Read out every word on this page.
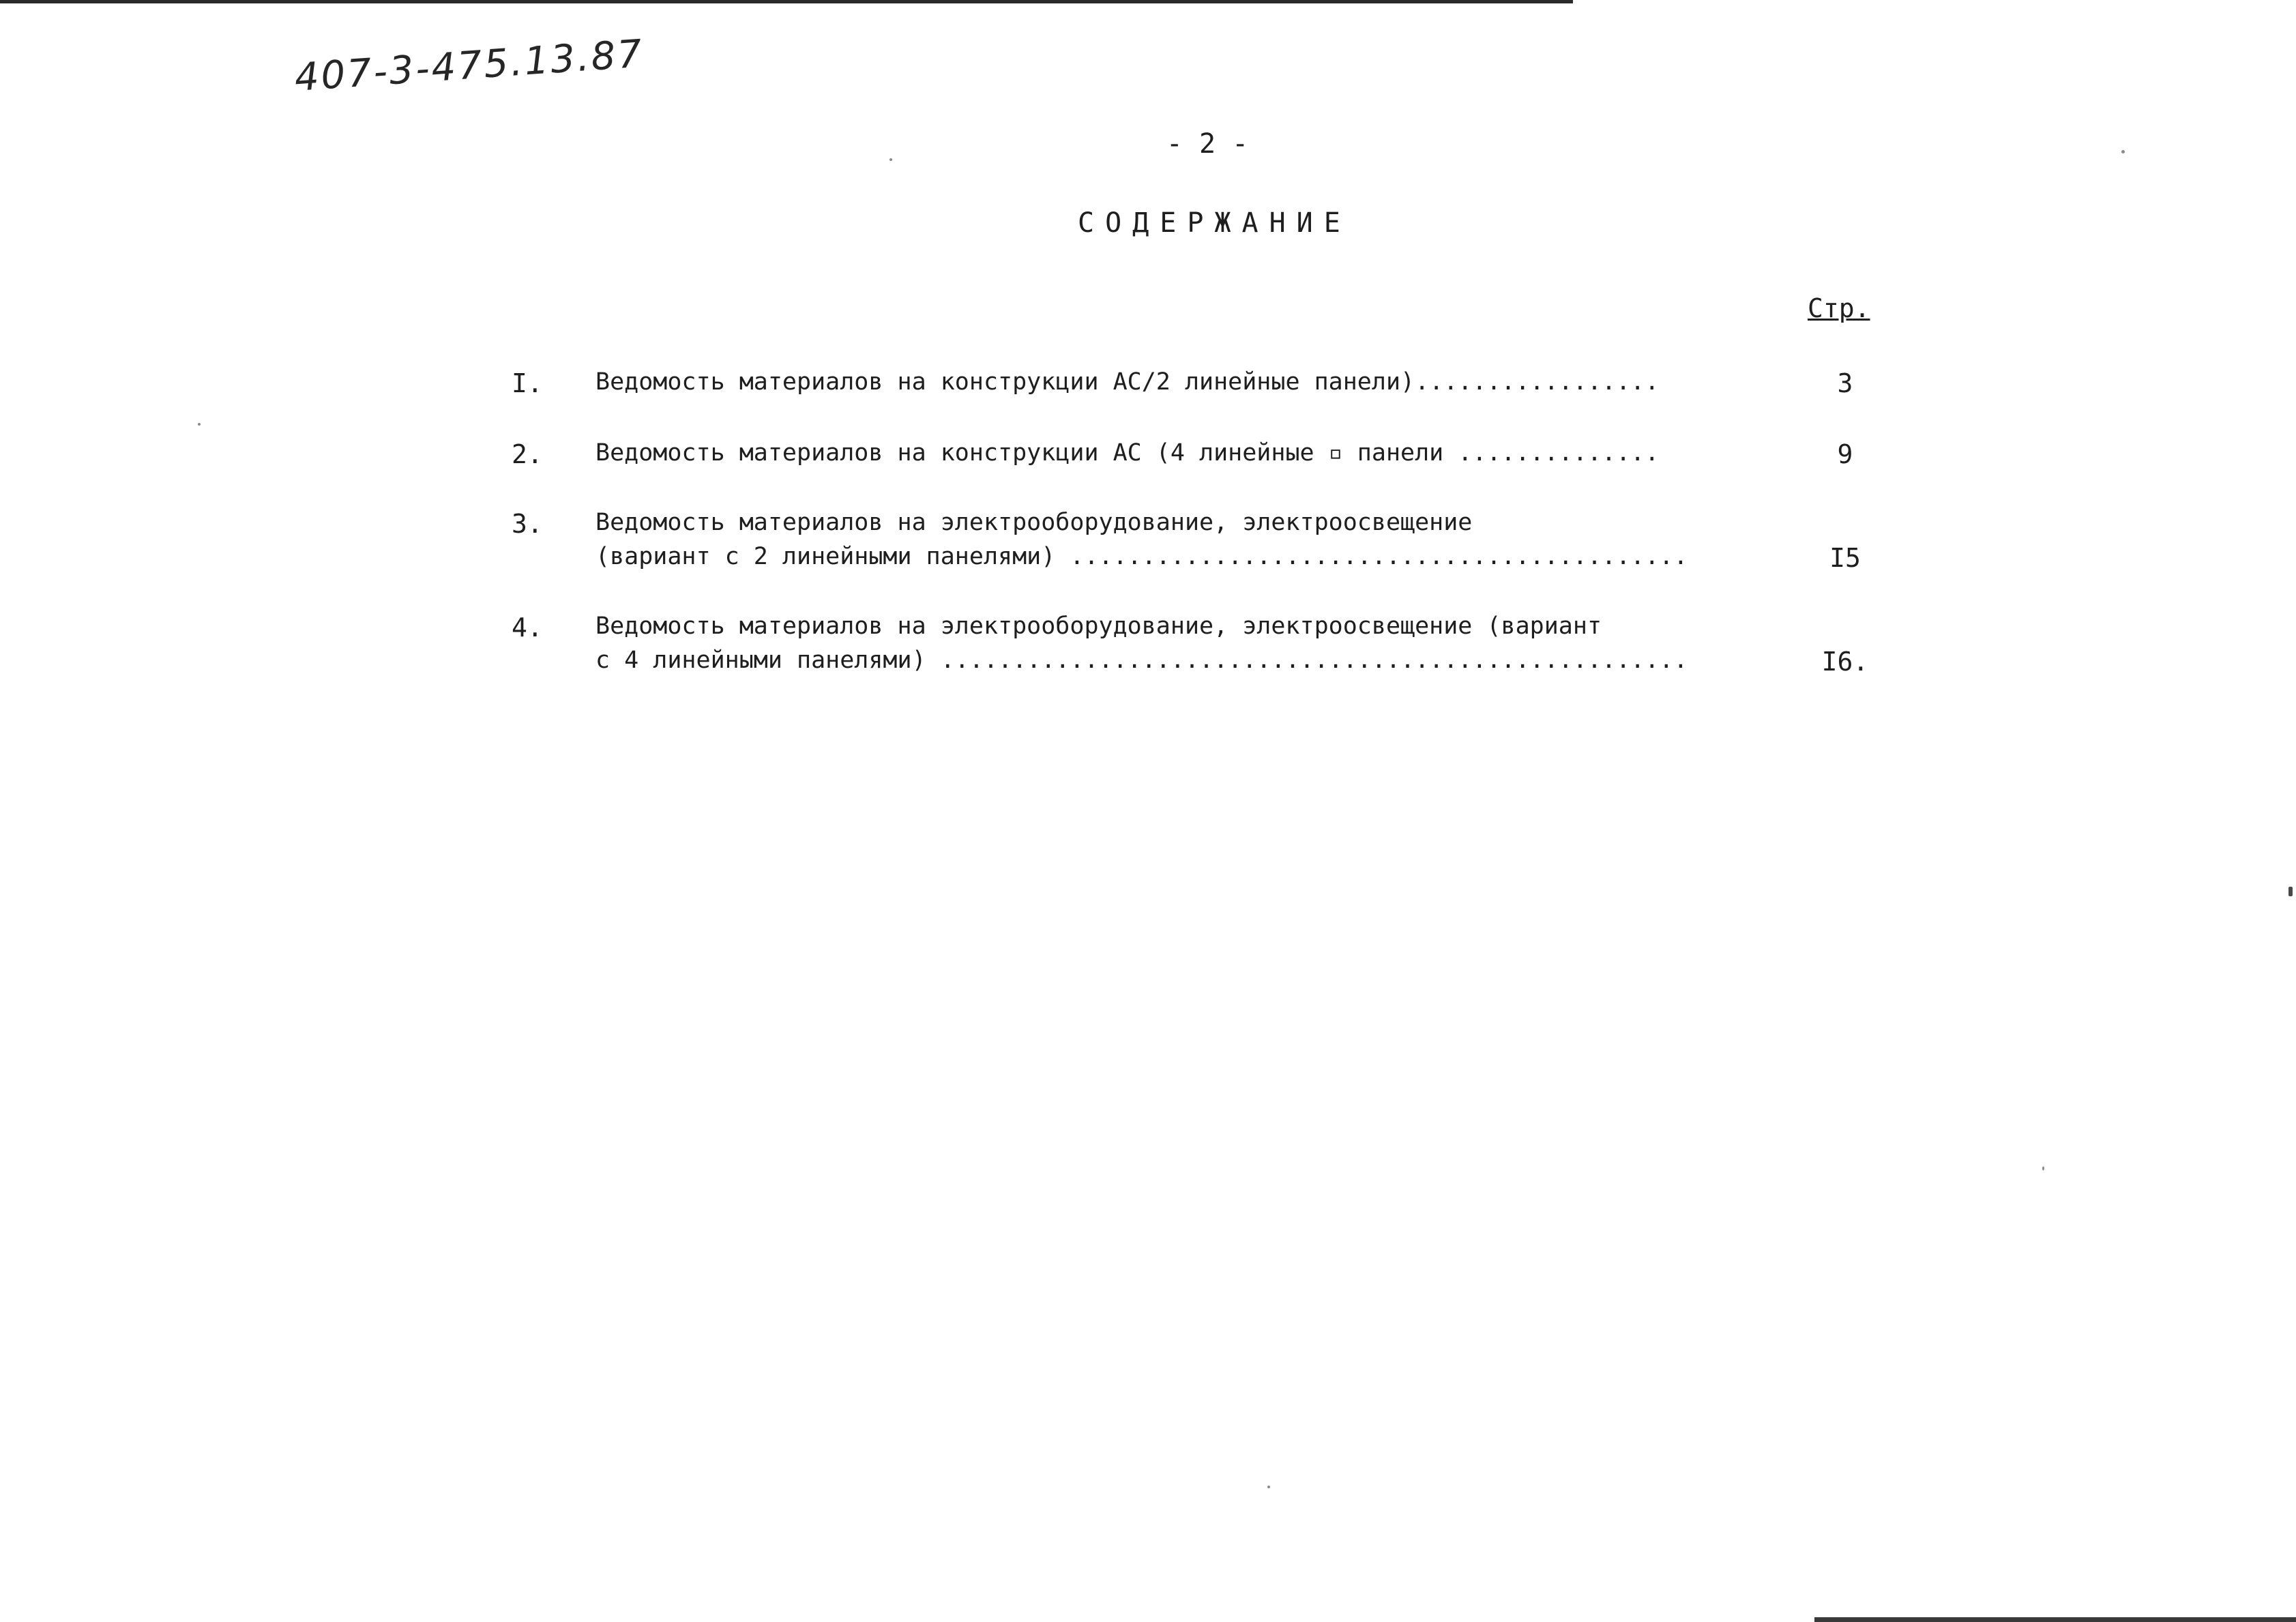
407-3-475.13.87
- 2 -
СОДЕРЖАНИЕ
Стр.
I. Ведомость материалов на конструкции АС/2 линейные панели).................	3
2. Ведомость материалов на конструкции АС (4 линейные ▫ панели ..............	9
3. Ведомость материалов на электрооборудование, электроосвещение
(вариант с 2 линейными панелями) ...........................................	I5
4. Ведомость материалов на электрооборудование, электроосвещение (вариант
с 4 линейными панелями) ....................................................	I6.
